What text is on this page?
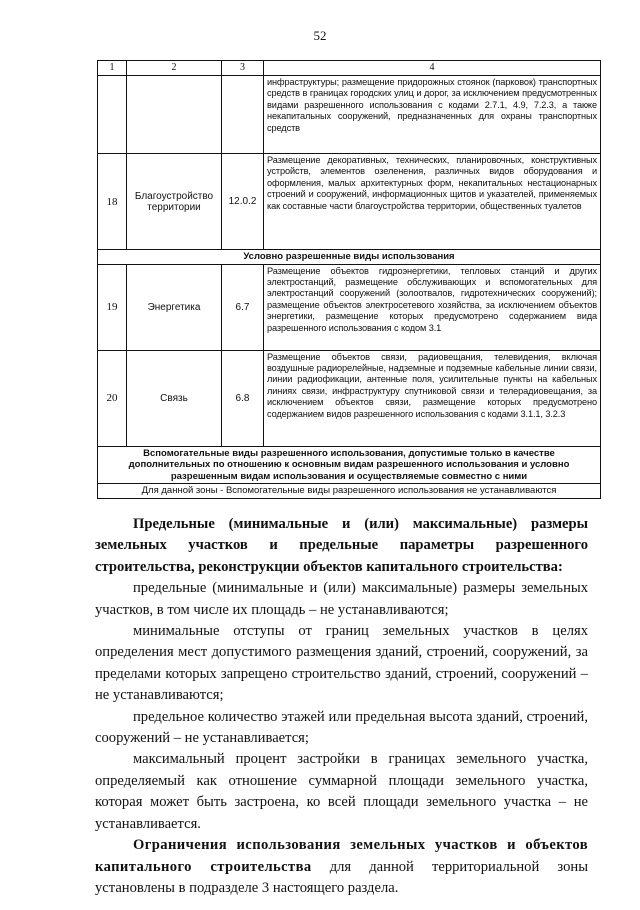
52
1	2	3	4
			инфраструктуры; размещение придорожных стоянок (парковок) транспортных средств в границах городских улиц и дорог, за исключением предусмотренных видами разрешенного использования с кодами 2.7.1, 4.9, 7.2.3, а также некапитальных сооружений, предназначенных для охраны транспортных средств
18	Благоустройство территории	12.0.2	Размещение декоративных, технических, планировочных, конструктивных устройств, элементов озеленения, различных видов оборудования и оформления, малых архитектурных форм, некапитальных нестационарных строений и сооружений, информационных щитов и указателей, применяемых как составные части благоустройства территории, общественных туалетов
Условно разрешенные виды использования			
19	Энергетика	6.7	Размещение объектов гидроэнергетики, тепловых станций и других электростанций, размещение обслуживающих и вспомогательных для электростанций сооружений (золоотвалов, гидротехнических сооружений); размещение объектов электросетевого хозяйства, за исключением объектов энергетики, размещение которых предусмотрено содержанием вида разрешенного использования с кодом 3.1
20	Связь	6.8	Размещение объектов связи, радиовещания, телевидения, включая воздушные радиорелейные, надземные и подземные кабельные линии связи, линии радиофикации, антенные поля, усилительные пункты на кабельных линиях связи, инфраструктуру спутниковой связи и телерадиовещания, за исключением объектов связи, размещение которых предусмотрено содержанием видов разрешенного использования с кодами 3.1.1, 3.2.3
Вспомогательные виды разрешенного использования, допустимые только в качестве дополнительных по отношению к основным видам разрешенного использования и условно разрешенным видам использования и осуществляемые совместно с ними			
Для данной зоны - Вспомогательные виды разрешенного использования не устанавливаются			

Предельные (минимальные и (или) максимальные) размеры земельных участков и предельные параметры разрешенного строительства, реконструкции объектов капитального строительства:

предельные (минимальные и (или) максимальные) размеры земельных участков, в том числе их площадь – не устанавливаются;

минимальные отступы от границ земельных участков в целях определения мест допустимого размещения зданий, строений, сооружений, за пределами которых запрещено строительство зданий, строений, сооружений – не устанавливаются;

предельное количество этажей или предельная высота зданий, строений, сооружений – не устанавливается;

максимальный процент застройки в границах земельного участка, определяемый как отношение суммарной площади земельного участка, которая может быть застроена, ко всей площади земельного участка – не устанавливается.

Ограничения использования земельных участков и объектов капитального строительства для данной территориальной зоны установлены в подразделе 3 настоящего раздела.
